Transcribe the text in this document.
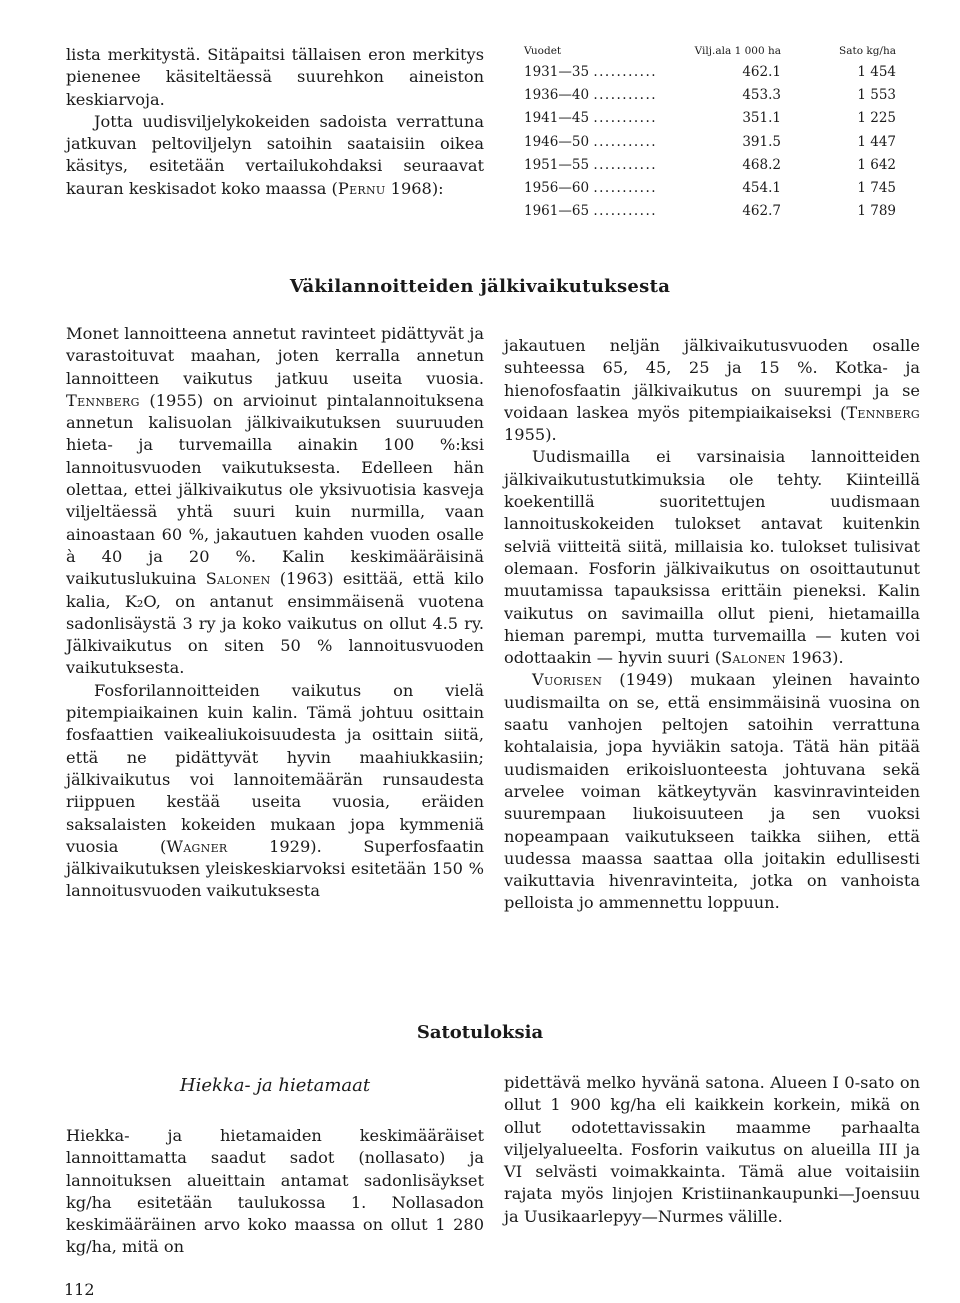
lista merkitystä. Sitäpaitsi tällaisen eron merkitys pienenee käsiteltäessä suurehkon aineiston keskiarvoja.

Jotta uudisviljelykokeiden sadoista verrattuna jatkuvan peltoviljelyn satoihin saataisiin oikea käsitys, esitetään vertailukohdaksi seuraavat kauran keskisadot koko maassa (Pernu 1968):

Vuodet	Vilj.ala 1 000 ha	Sato kg/ha
1931—35 ...........	462.1	1 454
1936—40 ...........	453.3	1 553
1941—45 ...........	351.1	1 225
1946—50 ...........	391.5	1 447
1951—55 ...........	468.2	1 642
1956—60 ...........	454.1	1 745
1961—65 ...........	462.7	1 789
Väkilannoitteiden jälkivaikutuksesta

Monet lannoitteena annetut ravinteet pidättyvät ja varastoituvat maahan, joten kerralla annetun lannoitteen vaikutus jatkuu useita vuosia. Tennberg (1955) on arvioinut pintalannoituksena annetun kalisuolan jälkivaikutuksen suuruuden hieta- ja turvemailla ainakin 100 %:ksi lannoitusvuoden vaikutuksesta. Edelleen hän olettaa, ettei jälkivaikutus ole yksivuotisia kasveja viljeltäessä yhtä suuri kuin nurmilla, vaan ainoastaan 60 %, jakautuen kahden vuoden osalle à 40 ja 20 %. Kalin keskimääräisinä vaikutuslukuina Salonen (1963) esittää, että kilo kalia, K₂O, on antanut ensimmäisenä vuotena sadonlisäystä 3 ry ja koko vaikutus on ollut 4.5 ry. Jälkivaikutus on siten 50 % lannoitusvuoden vaikutuksesta.

Fosforilannoitteiden vaikutus on vielä pitempiaikainen kuin kalin. Tämä johtuu osittain fosfaattien vaikealiukoisuudesta ja osittain siitä, että ne pidättyvät hyvin maahiukkasiin; jälkivaikutus voi lannoitemäärän runsaudesta riippuen kestää useita vuosia, eräiden saksalaisten kokeiden mukaan jopa kymmeniä vuosia (Wagner 1929). Superfosfaatin jälkivaikutuksen yleiskeskiarvoksi esitetään 150 % lannoitusvuoden vaikutuksesta

jakautuen neljän jälkivaikutusvuoden osalle suhteessa 65, 45, 25 ja 15 %. Kotka- ja hienofosfaatin jälkivaikutus on suurempi ja se voidaan laskea myös pitempiaikaiseksi (Tennberg 1955).

Uudismailla ei varsinaisia lannoitteiden jälkivaikutustutkimuksia ole tehty. Kiinteillä koekentillä suoritettujen uudismaan lannoituskokeiden tulokset antavat kuitenkin selviä viitteitä siitä, millaisia ko. tulokset tulisivat olemaan. Fosforin jälkivaikutus on osoittautunut muutamissa tapauksissa erittäin pieneksi. Kalin vaikutus on savimailla ollut pieni, hietamailla hieman parempi, mutta turvemailla — kuten voi odottaakin — hyvin suuri (Salonen 1963).

Vuorisen (1949) mukaan yleinen havainto uudismailta on se, että ensimmäisinä vuosina on saatu vanhojen peltojen satoihin verrattuna kohtalaisia, jopa hyviäkin satoja. Tätä hän pitää uudismaiden erikoisluonteesta johtuvana sekä arvelee voiman kätkeytyvän kasvinravinteiden suurempaan liukoisuuteen ja sen vuoksi nopeampaan vaikutukseen taikka siihen, että uudessa maassa saattaa olla joitakin edullisesti vaikuttavia hivenravinteita, jotka on vanhoista pelloista jo ammennettu loppuun.

Satotuloksia
Hiekka- ja hietamaat

Hiekka- ja hietamaiden keskimääräiset lannoittamatta saadut sadot (nollasato) ja lannoituksen alueittain antamat sadonlisäykset kg/ha esitetään taulukossa 1. Nollasadon keskimääräinen arvo koko maassa on ollut 1 280 kg/ha, mitä on

pidettävä melko hyvänä satona. Alueen I 0-sato on ollut 1 900 kg/ha eli kaikkein korkein, mikä on ollut odotettavissakin maamme parhaalta viljelyalueelta. Fosforin vaikutus on alueilla III ja VI selvästi voimakkainta. Tämä alue voitaisiin rajata myös linjojen Kristiinankaupunki—Joensuu ja Uusikaarlepyy—Nurmes välille.

112
